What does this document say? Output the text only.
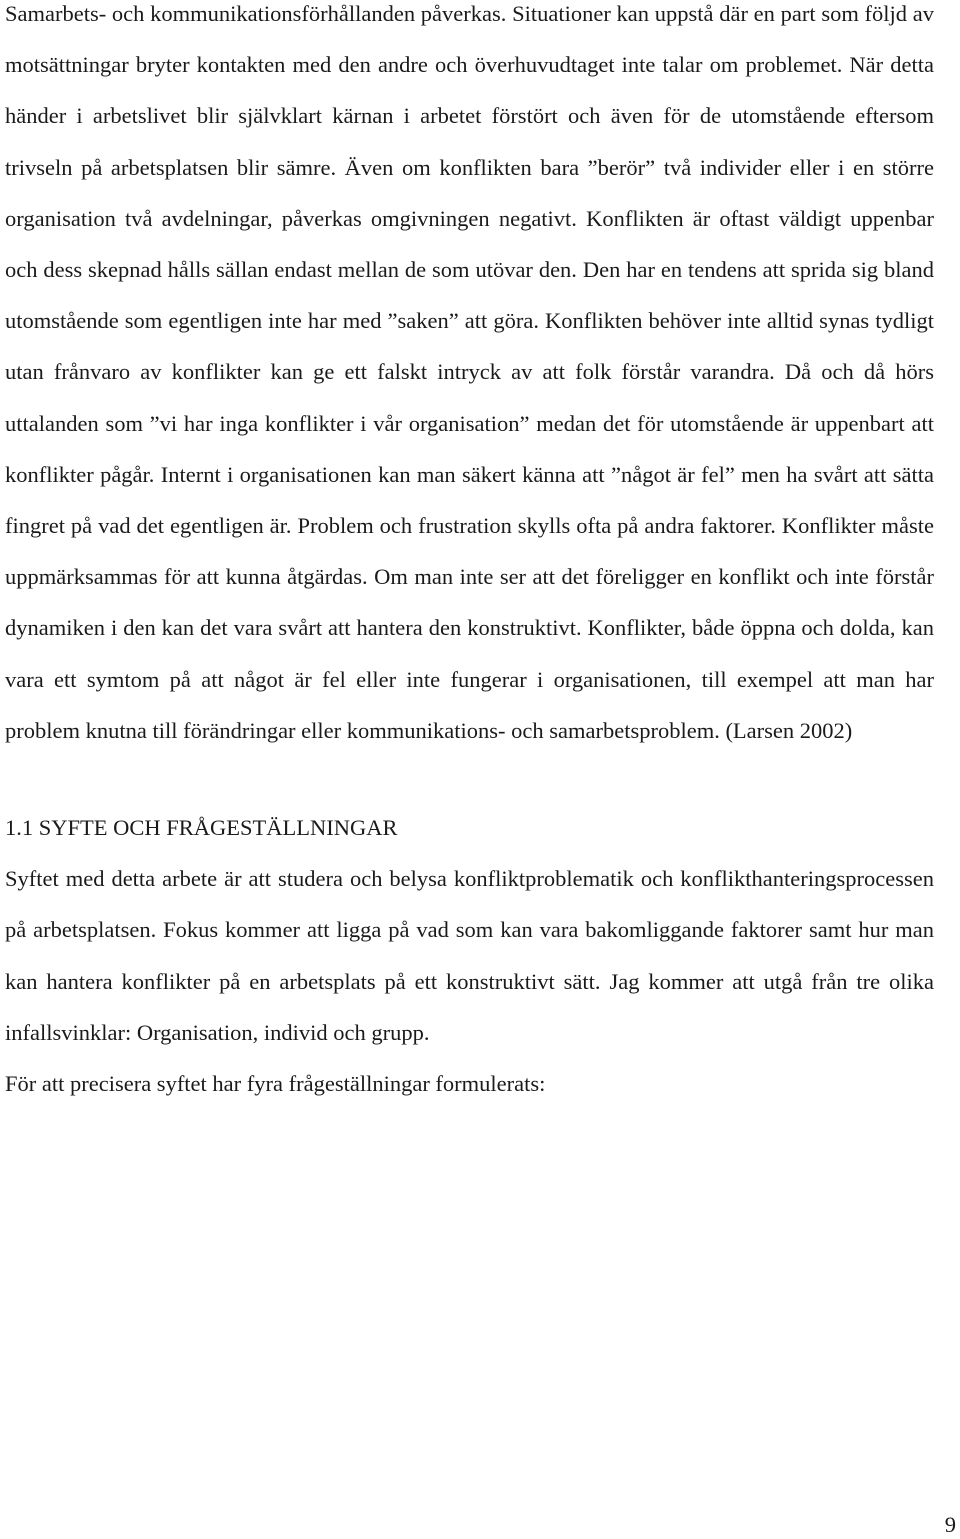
Samarbets- och kommunikationsförhållanden påverkas. Situationer kan uppstå där en part som följd av motsättningar bryter kontakten med den andre och överhuvudtaget inte talar om problemet. När detta händer i arbetslivet blir självklart kärnan i arbetet förstört och även för de utomstående eftersom trivseln på arbetsplatsen blir sämre. Även om konflikten bara ”berör” två individer eller i en större organisation två avdelningar, påverkas omgivningen negativt. Konflikten är oftast väldigt uppenbar och dess skepnad hålls sällan endast mellan de som utövar den. Den har en tendens att sprida sig bland utomstående som egentligen inte har med ”saken” att göra. Konflikten behöver inte alltid synas tydligt utan frånvaro av konflikter kan ge ett falskt intryck av att folk förstår varandra. Då och då hörs uttalanden som ”vi har inga konflikter i vår organisation” medan det för utomstående är uppenbart att konflikter pågår. Internt i organisationen kan man säkert känna att ”något är fel” men ha svårt att sätta fingret på vad det egentligen är. Problem och frustration skylls ofta på andra faktorer. Konflikter måste uppmärksammas för att kunna åtgärdas. Om man inte ser att det föreligger en konflikt och inte förstår dynamiken i den kan det vara svårt att hantera den konstruktivt. Konflikter, både öppna och dolda, kan vara ett symtom på att något är fel eller inte fungerar i organisationen, till exempel att man har problem knutna till förändringar eller kommunikations- och samarbetsproblem. (Larsen 2002)

1.1 SYFTE OCH FRÅGESTÄLLNINGAR

Syftet med detta arbete är att studera och belysa konfliktproblematik och konflikthanteringsprocessen på arbetsplatsen. Fokus kommer att ligga på vad som kan vara bakomliggande faktorer samt hur man kan hantera konflikter på en arbetsplats på ett konstruktivt sätt. Jag kommer att utgå från tre olika infallsvinklar: Organisation, individ och grupp.

För att precisera syftet har fyra frågeställningar formulerats:

9
